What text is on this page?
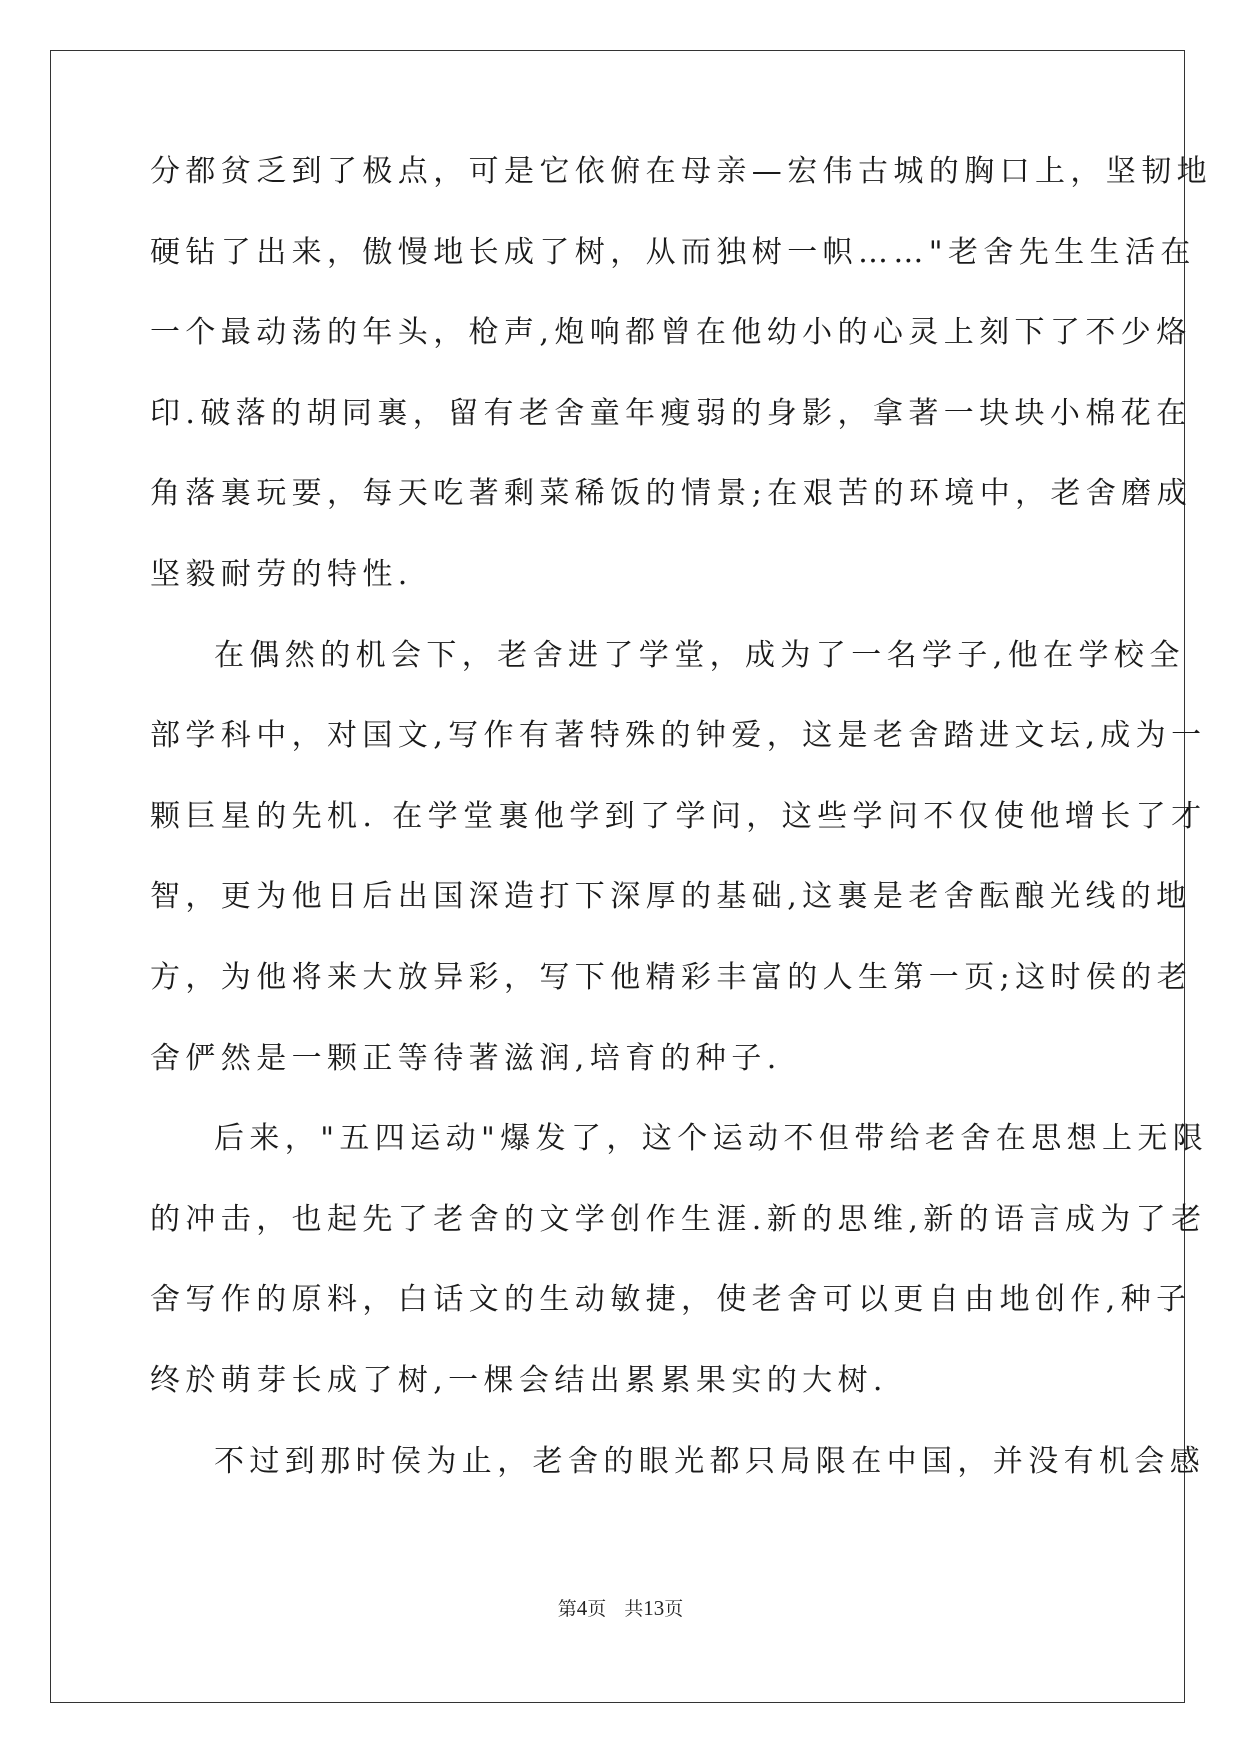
分都贫乏到了极点，可是它依俯在母亲—宏伟古城的胸口上，坚韧地
硬钻了出来，傲慢地长成了树，从而独树一帜……"老舍先生生活在
一个最动荡的年头，枪声,炮响都曾在他幼小的心灵上刻下了不少烙
印.破落的胡同裏，留有老舍童年瘦弱的身影，拿著一块块小棉花在
角落裏玩要，每天吃著剩菜稀饭的情景;在艰苦的环境中，老舍磨成
坚毅耐劳的特性.
在偶然的机会下，老舍进了学堂，成为了一名学子,他在学校全
部学科中，对国文,写作有著特殊的钟爱，这是老舍踏进文坛,成为一
颗巨星的先机. 在学堂裏他学到了学问，这些学问不仅使他增长了才
智，更为他日后出国深造打下深厚的基础,这裏是老舍酝酿光线的地
方，为他将来大放异彩，写下他精彩丰富的人生第一页;这时侯的老
舍俨然是一颗正等待著滋润,培育的种子.
后来，"五四运动"爆发了，这个运动不但带给老舍在思想上无限
的冲击，也起先了老舍的文学创作生涯.新的思维,新的语言成为了老
舍写作的原料，白话文的生动敏捷，使老舍可以更自由地创作,种子
终於萌芽长成了树,一棵会结出累累果实的大树.
不过到那时侯为止，老舍的眼光都只局限在中国，并没有机会感
第4页 共13页
